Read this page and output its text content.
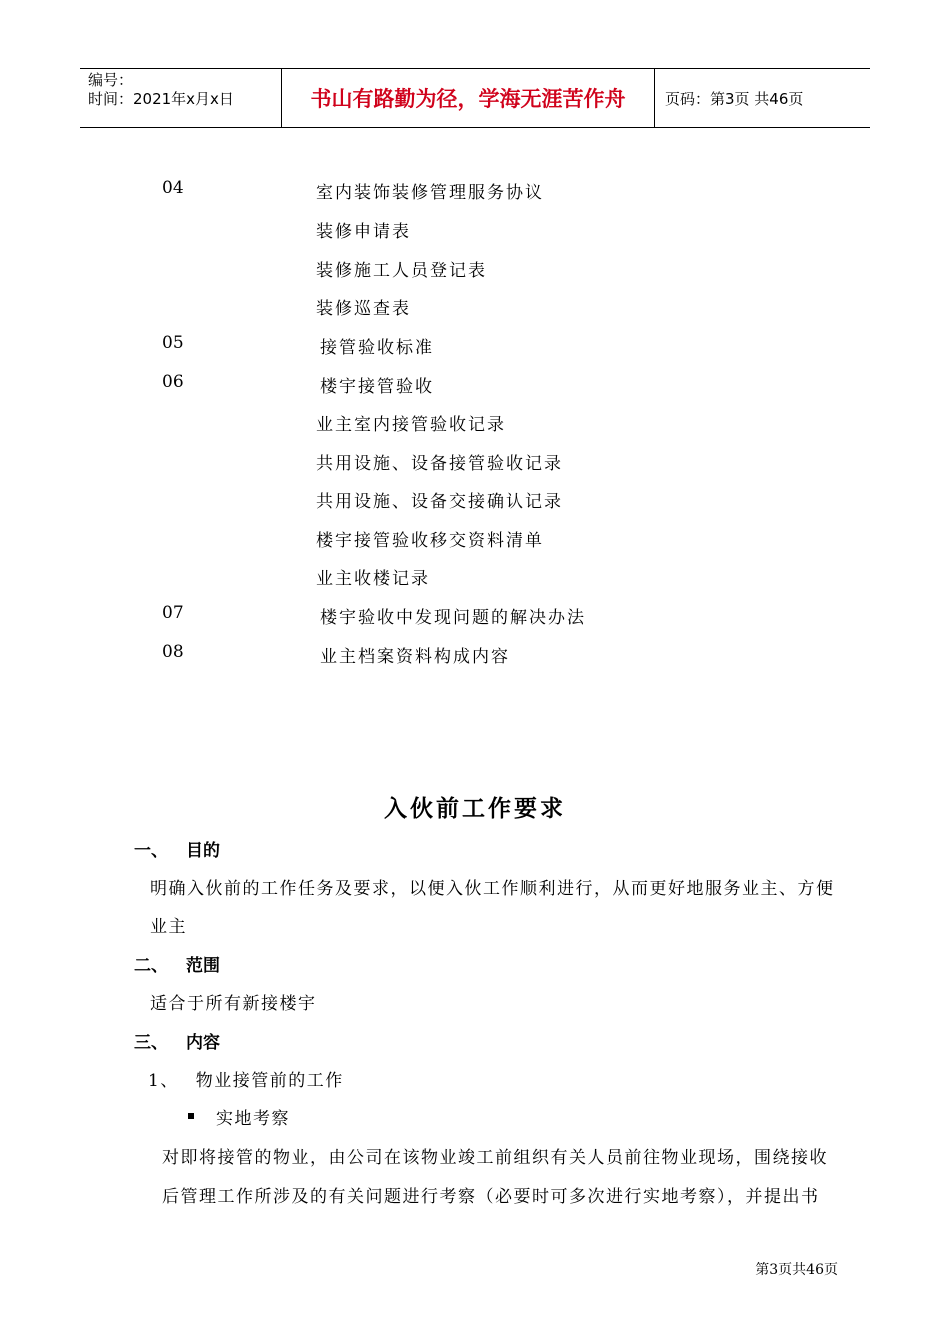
编号：
时间：2021年x月x日	书山有路勤为径，学海无涯苦作舟	页码：第3页 共46页
04	室内装饰装修管理服务协议
装修申请表
装修施工人员登记表
装修巡查表
05	接管验收标准
06	楼宇接管验收
业主室内接管验收记录
共用设施、设备接管验收记录
共用设施、设备交接确认记录
楼宇接管验收移交资料清单
业主收楼记录
07	楼宇验收中发现问题的解决办法
08	业主档案资料构成内容
入伙前工作要求
一、 目的
明确入伙前的工作任务及要求，以便入伙工作顺利进行，从而更好地服务业主、方便
业主
二、 范围
适合于所有新接楼宇
三、 内容
1、　 物业接管前的工作
实地考察
对即将接管的物业，由公司在该物业竣工前组织有关人员前往物业现场，围绕接收
后管理工作所涉及的有关问题进行考察（必要时可多次进行实地考察），并提出书
第3页共46页
